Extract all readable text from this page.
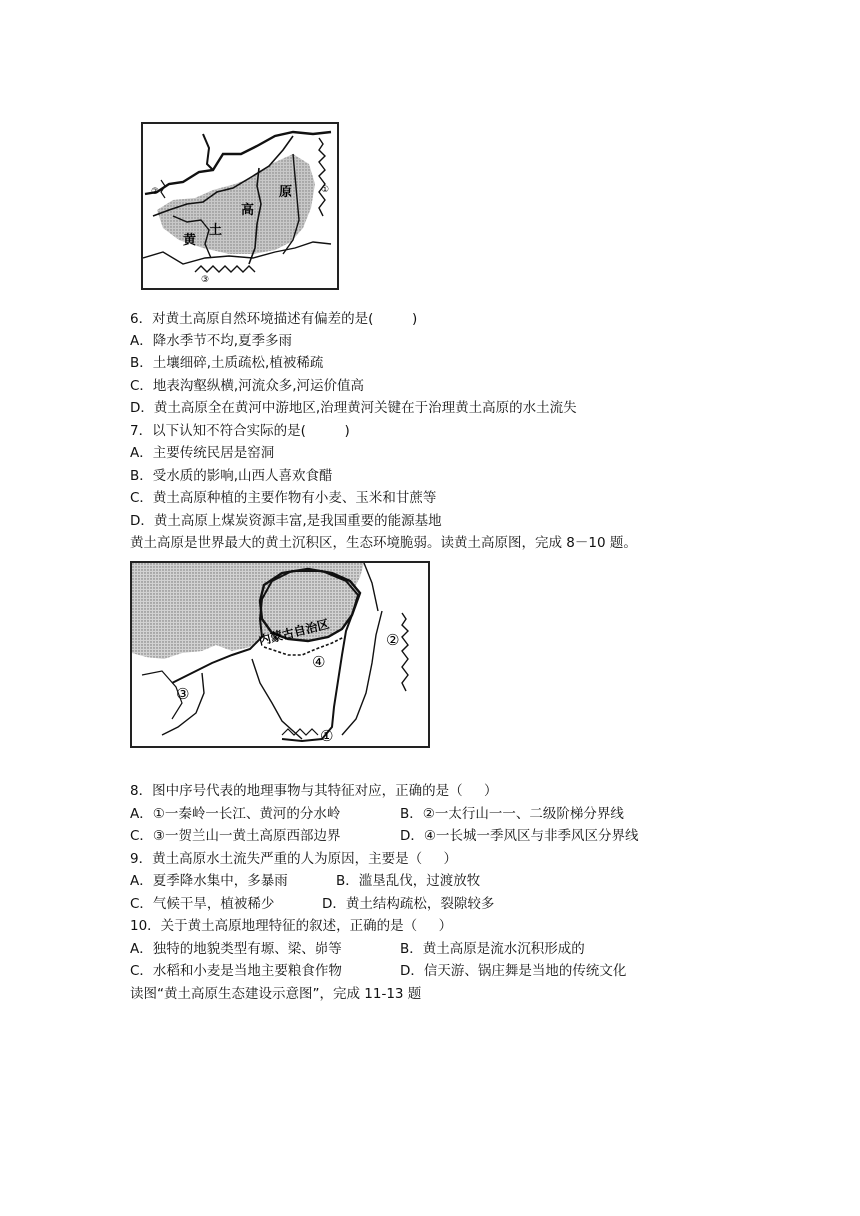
黄
土
高
原	①
②
③
6．对黄土高原自然环境描述有偏差的是(         )
A．降水季节不均,夏季多雨
B．土壤细碎,土质疏松,植被稀疏
C．地表沟壑纵横,河流众多,河运价值高
D．黄土高原全在黄河中游地区,治理黄河关键在于治理黄土高原的水土流失
7．以下认知不符合实际的是(         )
A．主要传统民居是窑洞
B．受水质的影响,山西人喜欢食醋
C．黄土高原种植的主要作物有小麦、玉米和甘蔗等
D．黄土高原上煤炭资源丰富,是我国重要的能源基地
黄土高原是世界最大的黄土沉积区，生态环境脆弱。读黄土高原图，完成 8－10 题。
内蒙古自治区
④
②
③
①
8．图中序号代表的地理事物与其特征对应，正确的是（     ）
A．①一秦岭一长江、黄河的分水岭	B．②一太行山一一、二级阶梯分界线
C．③一贺兰山一黄土高原西部边界	D．④一长城一季风区与非季风区分界线
9．黄土高原水土流失严重的人为原因，主要是（     ）
A．夏季降水集中，多暴雨	B．滥垦乱伐，过渡放牧
C．气候干旱，植被稀少	D．黄土结构疏松，裂隙较多
10．关于黄土高原地理特征的叙述，正确的是（     ）
A．独特的地貌类型有塬、梁、峁等	B．黄土高原是流水沉积形成的
C．水稻和小麦是当地主要粮食作物	D．信天游、锅庄舞是当地的传统文化
读图“黄土高原生态建设示意图”，完成 11-13 题
